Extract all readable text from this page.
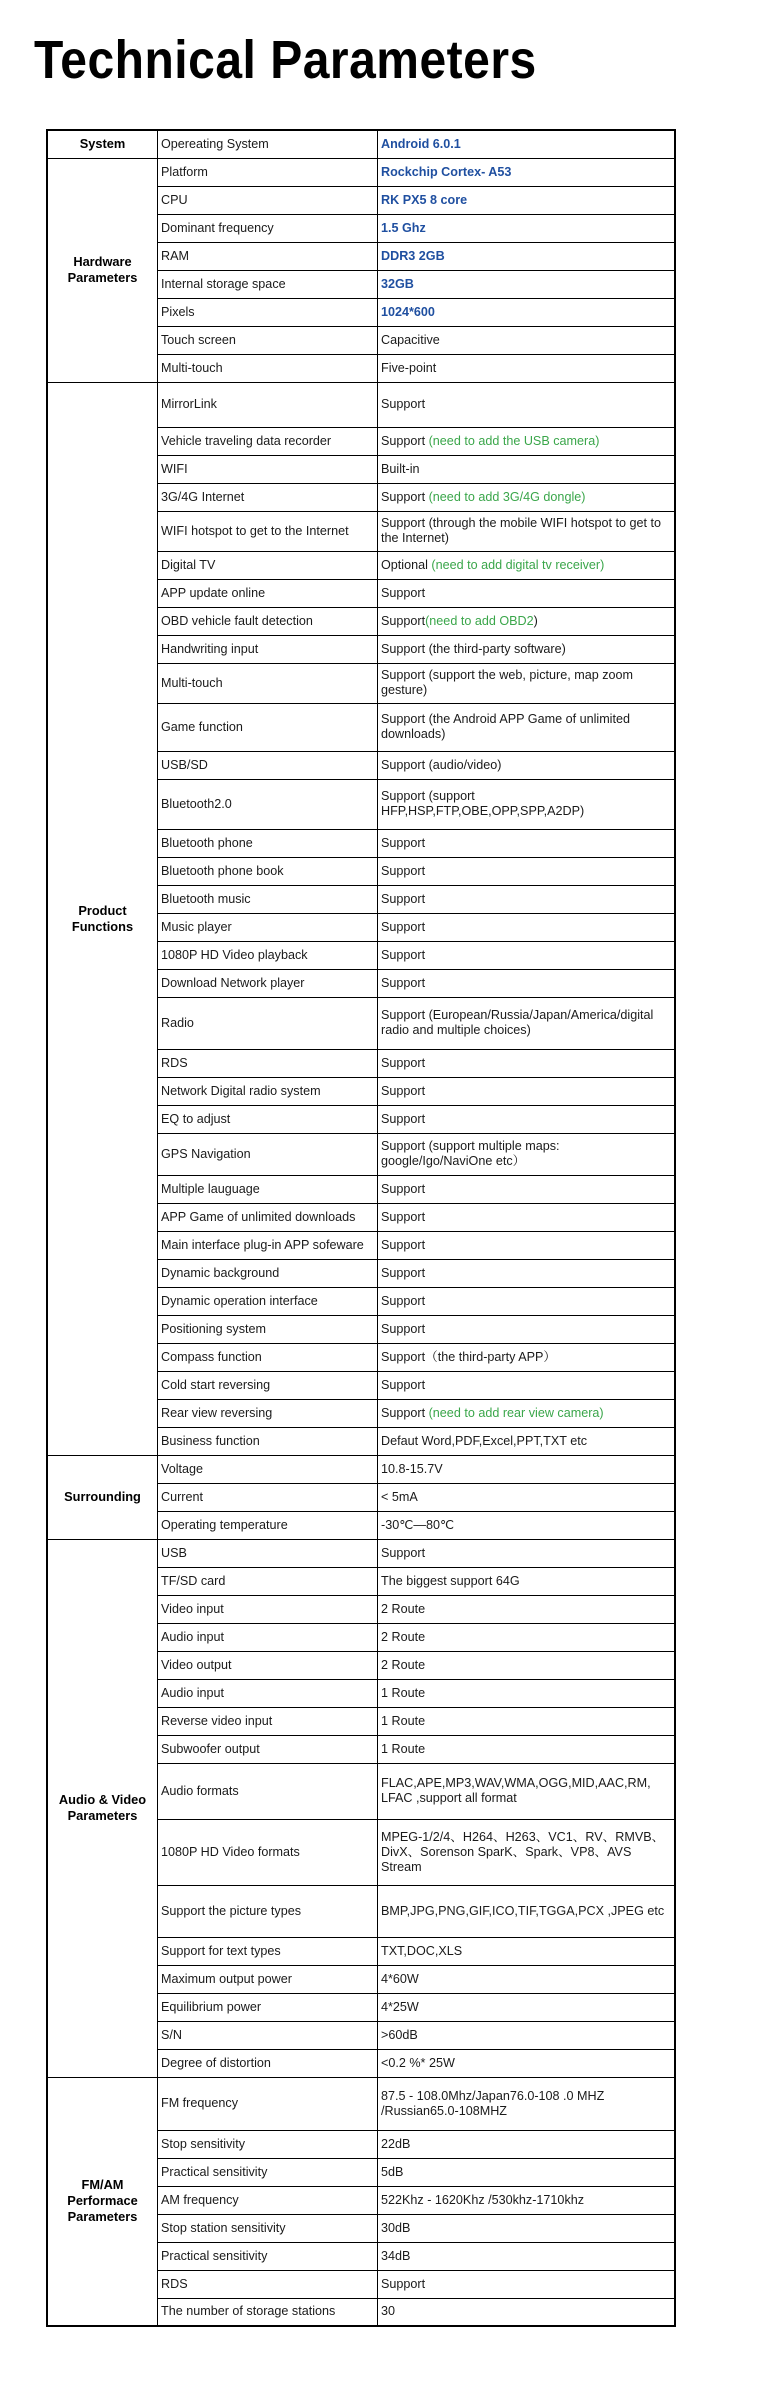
Technical Parameters
System	Opereating System	Android 6.0.1
Hardware Parameters	Platform	Rockchip Cortex- A53
	CPU	RK PX5 8 core
	Dominant frequency	1.5 Ghz
	RAM	DDR3 2GB
	Internal storage space	32GB
	Pixels	1024*600
	Touch screen	Capacitive
	Multi-touch	Five-point
Product Functions	MirrorLink	Support
	Vehicle traveling data recorder	Support (need to add the USB camera)
	WIFI	Built-in
	3G/4G Internet	Support (need to add 3G/4G dongle)
	WIFI hotspot to get to the Internet	Support (through the mobile WIFI hotspot to get to the Internet)
	Digital TV	Optional (need to add digital tv receiver)
	APP update online	Support
	OBD vehicle fault detection	Support(need to add OBD2)
	Handwriting input	Support (the third-party software)
	Multi-touch	Support (support the web, picture, map zoom gesture)
	Game function	Support (the Android APP Game of unlimited downloads)
	USB/SD	Support (audio/video)
	Bluetooth2.0	Support (support HFP,HSP,FTP,OBE,OPP,SPP,A2DP)
	Bluetooth phone	Support
	Bluetooth phone book	Support
	Bluetooth music	Support
	Music player	Support
	1080P HD Video playback	Support
	Download Network player	Support
	Radio	Support (European/Russia/Japan/America/digital radio and multiple choices)
	RDS	Support
	Network Digital radio system	Support
	EQ to adjust	Support
	GPS Navigation	Support (support multiple maps: google/Igo/NaviOne etc）
	Multiple lauguage	Support
	APP Game of unlimited downloads	Support
	Main interface plug-in APP sofeware	Support
	Dynamic background	Support
	Dynamic operation interface	Support
	Positioning system	Support
	Compass function	Support（the third-party APP）
	Cold start reversing	Support
	Rear view reversing	Support (need to add rear view camera)
	Business function	Defaut Word,PDF,Excel,PPT,TXT etc
Surrounding	Voltage	10.8-15.7V
	Current	< 5mA
	Operating temperature	-30℃—80℃
Audio & Video Parameters	USB	Support
	TF/SD card	The biggest support 64G
	Video input	2 Route
	Audio input	2 Route
	Video output	2 Route
	Audio input	1 Route
	Reverse video input	1 Route
	Subwoofer output	1 Route
	Audio formats	FLAC,APE,MP3,WAV,WMA,OGG,MID,AAC,RM, LFAC ,support all format
	1080P HD Video formats	MPEG-1/2/4、H264、H263、VC1、RV、RMVB、DivX、Sorenson SparK、Spark、VP8、AVS Stream
	Support the picture types	BMP,JPG,PNG,GIF,ICO,TIF,TGGA,PCX ,JPEG etc
	Support for text types	TXT,DOC,XLS
	Maximum output power	4*60W
	Equilibrium power	4*25W
	S/N	>60dB
	Degree of distortion	<0.2 %* 25W
FM/AM Performace Parameters	FM frequency	87.5 - 108.0Mhz/Japan76.0-108 .0 MHZ /Russian65.0-108MHZ
	Stop sensitivity	22dB
	Practical sensitivity	5dB
	AM frequency	522Khz - 1620Khz /530khz-1710khz
	Stop station sensitivity	30dB
	Practical sensitivity	34dB
	RDS	Support
	The number of storage stations	30
